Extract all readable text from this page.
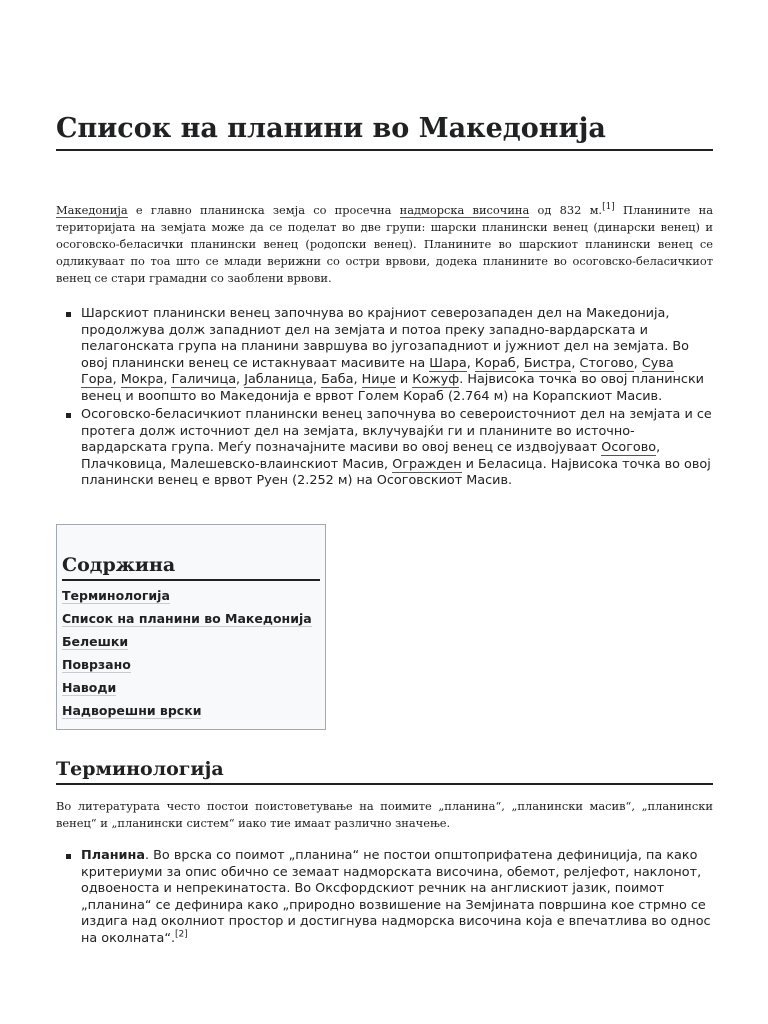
Список на планини во Македонија

Македонија е главно планинска земја со просечна надморска височина од 832 м.[1] Планините на територијата на земјата може да се поделат во две групи: шарски планински венец (динарски венец) и осоговско-беласички планински венец (родопски венец). Планините во шарскиот планински венец се одликуваат по тоа што се млади верижни со остри врвови, додека планините во осоговско-беласичкиот венец се стари грамадни со заоблени врвови.

Шарскиот планински венец започнува во крајниот северозападен дел на Македонија, продолжува долж западниот дел на земјата и потоа преку западно-вардарската и пелагонската група на планини завршува во југозападниот и јужниот дел на земјата. Во овој планински венец се истакнуваат масивите на Шара, Кораб, Бистра, Стогово, Сува Гора, Мокра, Галичица, Јабланица, Баба, Ниџе и Кожуф. Највисока точка во овој планински венец и воопшто во Македонија е врвот Голем Кораб (2.764 м) на Корапскиот Масив.
Осоговско-беласичкиот планински венец започнува во североисточниот дел на земјата и се протега долж источниот дел на земјата, вклучувајќи ги и планините во источно-вардарската група. Меѓу позначајните масиви во овој венец се издвојуваат Осогово, Плачковица, Малешевско-влаинскиот Масив, Огражден и Беласица. Највисока точка во овој планински венец е врвот Руен (2.252 м) на Осоговскиот Масив.
Содржина
Терминологија
Список на планини во Македонија
Белешки
Поврзано
Наводи
Надворешни врски
Терминологија

Во литературата често постои поистоветување на поимите „планина“, „планински масив“, „планински венец“ и „планински систем“ иако тие имаат различно значење.

Планина. Во врска со поимот „планина“ не постои општоприфатена дефиниција, па како критериуми за опис обично се земаат надморската височина, обемот, релјефот, наклонот, одвоеноста и непрекинатоста. Во Оксфордскиот речник на англискиот јазик, поимот „планина“ се дефинира како „природно возвишение на Земјината површина кое стрмно се издига над околниот простор и достигнува надморска височина која е впечатлива во однос на околната“.[2]
